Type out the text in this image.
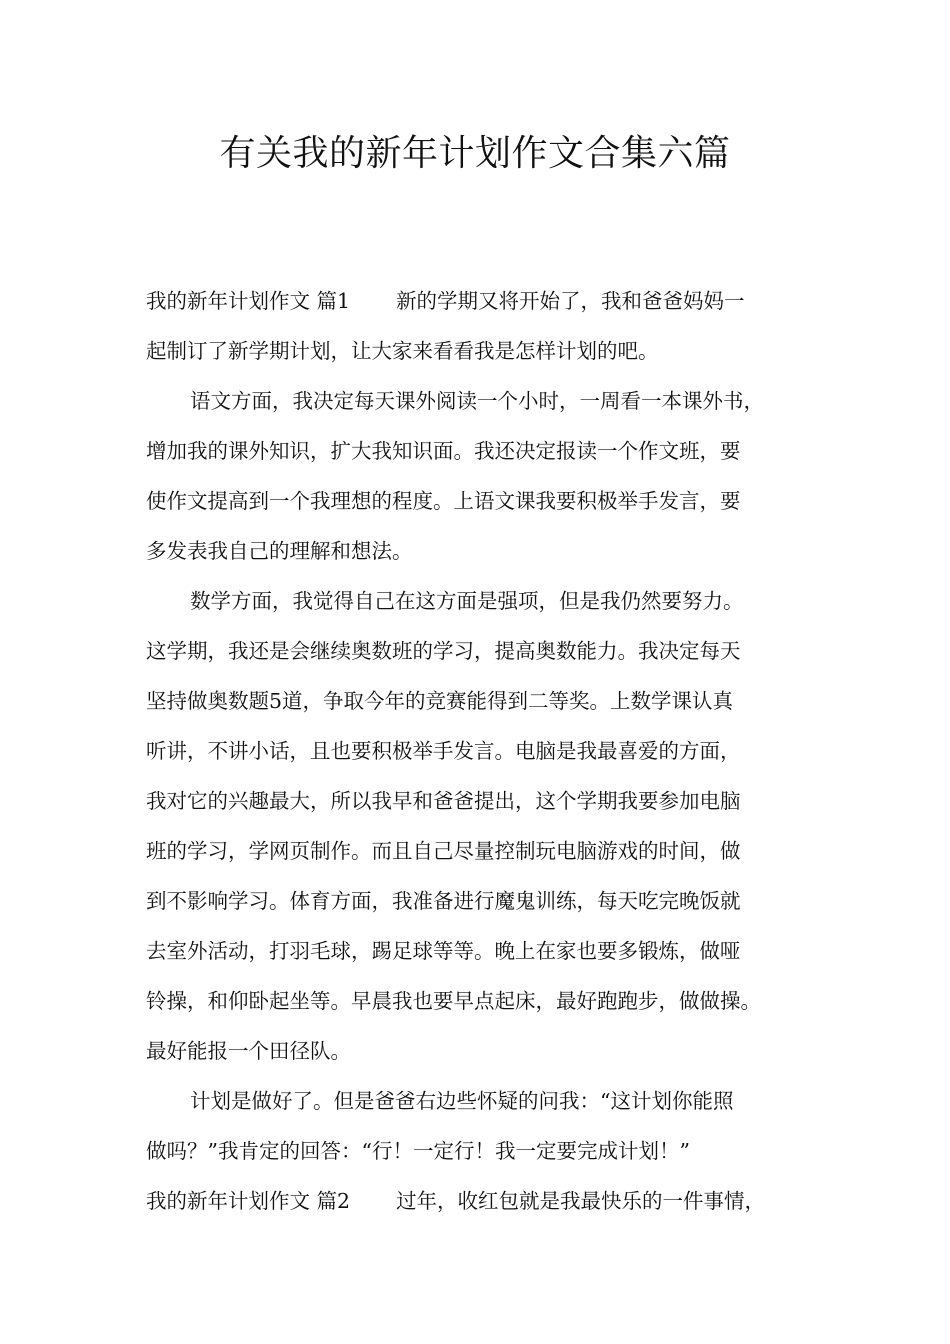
有关我的新年计划作文合集六篇
我的新年计划作文 篇1 新的学期又将开始了，我和爸爸妈妈一
起制订了新学期计划，让大家来看看我是怎样计划的吧。
语文方面，我决定每天课外阅读一个小时，一周看一本课外书，
增加我的课外知识，扩大我知识面。我还决定报读一个作文班，要
使作文提高到一个我理想的程度。上语文课我要积极举手发言，要
多发表我自己的理解和想法。
数学方面，我觉得自己在这方面是强项，但是我仍然要努力。
这学期，我还是会继续奥数班的学习，提高奥数能力。我决定每天
坚持做奥数题5道，争取今年的竞赛能得到二等奖。上数学课认真
听讲，不讲小话，且也要积极举手发言。电脑是我最喜爱的方面，
我对它的兴趣最大，所以我早和爸爸提出，这个学期我要参加电脑
班的学习，学网页制作。而且自己尽量控制玩电脑游戏的时间，做
到不影响学习。体育方面，我准备进行魔鬼训练，每天吃完晚饭就
去室外活动，打羽毛球，踢足球等等。晚上在家也要多锻炼，做哑
铃操，和仰卧起坐等。早晨我也要早点起床，最好跑跑步，做做操。
最好能报一个田径队。
计划是做好了。但是爸爸右边些怀疑的问我：“这计划你能照
做吗？”我肯定的回答：“行！一定行！我一定要完成计划！”
我的新年计划作文 篇2 过年，收红包就是我最快乐的一件事情，
